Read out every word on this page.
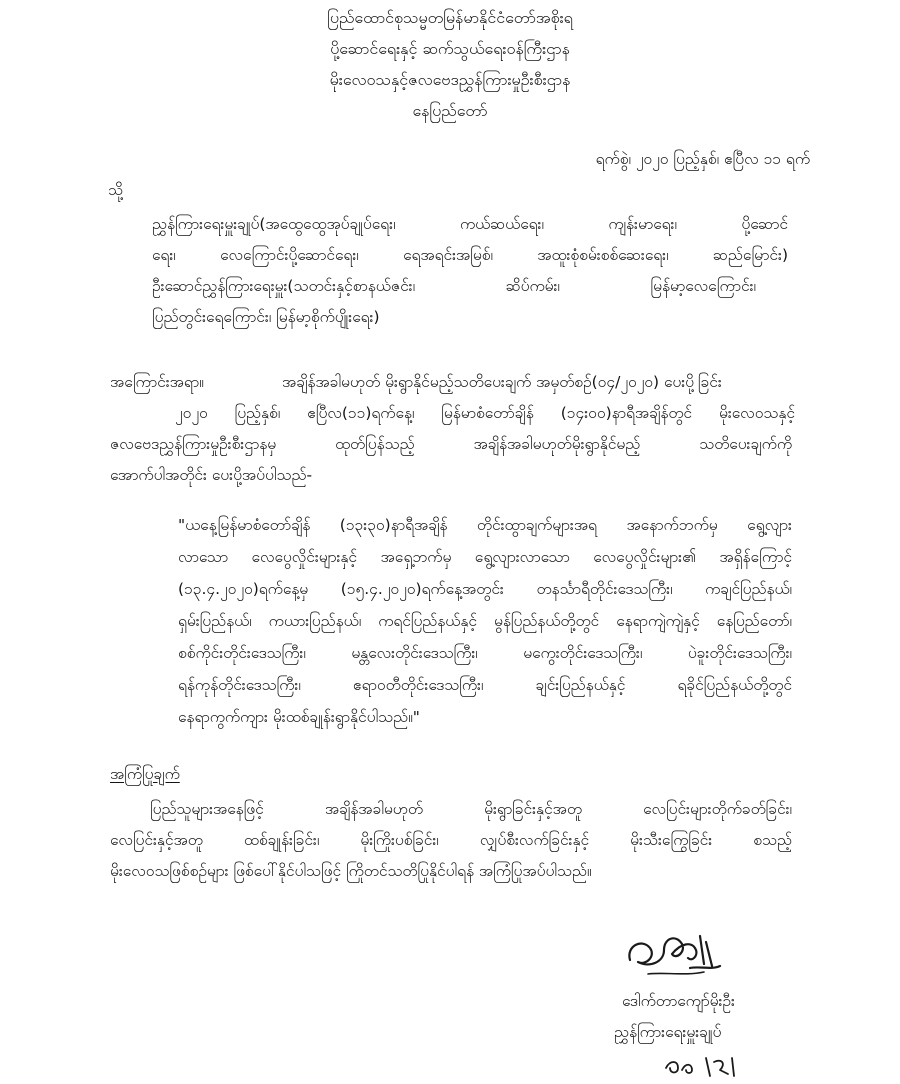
ပြည်ထောင်စုသမ္မတမြန်မာနိုင်ငံတော်အစိုးရ
ပို့ဆောင်ရေးနှင့် ဆက်သွယ်ရေးဝန်ကြီးဌာန
မိုးလေဝသနှင့်ဇလဗေဒညွှန်ကြားမှုဦးစီးဌာန
နေပြည်တော်
ရက်စွဲ၊ ၂၀၂၀ ပြည့်နှစ်၊ ဧပြီလ ၁၁ ရက်
သို့
ညွှန်ကြားရေးမှူးချုပ်(အထွေထွေအုပ်ချုပ်ရေး၊ ကယ်ဆယ်ရေး၊ ကျန်းမာရေး၊ ပို့ဆောင်
ရေး၊ လေကြောင်းပို့ဆောင်ရေး၊ ရေအရင်းအမြစ်၊ အထူးစုံစမ်းစစ်ဆေးရေး၊ ဆည်မြောင်း)
ဦးဆောင်ညွှန်ကြားရေးမှူး(သတင်းနှင့်စာနယ်ဇင်း၊ ဆိပ်ကမ်း၊ မြန်မာ့လေကြောင်း၊
ပြည်တွင်းရေကြောင်း၊ မြန်မာ့စိုက်ပျိုးရေး)
အကြောင်းအရာ။	အချိန်အခါမဟုတ် မိုးရွာနိုင်မည့်သတိပေးချက် အမှတ်စဉ်(၀၄/၂၀၂၀) ပေးပို့ခြင်း
၂၀၂၀ ပြည့်နှစ်၊ ဧပြီလ(၁၁)ရက်နေ့၊ မြန်မာစံတော်ချိန် (၁၄း၀၀)နာရီအချိန်တွင် မိုးလေဝသနှင့်
ဇလဗေဒညွှန်ကြားမှုဦးစီးဌာနမှ ထုတ်ပြန်သည့် အချိန်အခါမဟုတ်မိုးရွာနိုင်မည့် သတိပေးချက်ကို
အောက်ပါအတိုင်း ပေးပို့အပ်ပါသည်-
"ယနေ့မြန်မာစံတော်ချိန် (၁၃း၃၀)နာရီအချိန် တိုင်းထွာချက်များအရ အနောက်ဘက်မှ ရွေ့လျား
လာသော လေပွေလှိုင်းများနှင့် အရှေ့ဘက်မှ ရွေ့လျားလာသော လေပွေလှိုင်းများ၏ အရှိန်ကြောင့်
(၁၃.၄.၂၀၂၀)ရက်နေ့မှ (၁၅.၄.၂၀၂၀)ရက်နေ့အတွင်း တနင်္သာရီတိုင်းဒေသကြီး၊ ကချင်ပြည်နယ်၊
ရှမ်းပြည်နယ်၊ ကယားပြည်နယ်၊ ကရင်ပြည်နယ်နှင့် မွန်ပြည်နယ်တို့တွင် နေရာကျဲကျဲနှင့် နေပြည်တော်၊
စစ်ကိုင်းတိုင်းဒေသကြီး၊ မန္တလေးတိုင်းဒေသကြီး၊ မကွေးတိုင်းဒေသကြီး၊ ပဲခူးတိုင်းဒေသကြီး၊
ရန်ကုန်တိုင်းဒေသကြီး၊ ဧရာဝတီတိုင်းဒေသကြီး၊ ချင်းပြည်နယ်နှင့် ရခိုင်ပြည်နယ်တို့တွင်
နေရာကွက်ကျား မိုးထစ်ချုန်းရွာနိုင်ပါသည်။"
အကြံပြုချက်
ပြည်သူများအနေဖြင့် အချိန်အခါမဟုတ် မိုးရွာခြင်းနှင့်အတူ လေပြင်းများတိုက်ခတ်ခြင်း၊
လေပြင်းနှင့်အတူ ထစ်ချုန်းခြင်း၊ မိုးကြိုးပစ်ခြင်း၊ လျှပ်စီးလက်ခြင်းနှင့် မိုးသီးကြွေခြင်း စသည့်
မိုးလေဝသဖြစ်စဉ်များ ဖြစ်ပေါ်နိုင်ပါသဖြင့် ကြိုတင်သတိပြုနိုင်ပါရန် အကြံပြုအပ်ပါသည်။
ဒေါက်တာကျော်မိုးဦး
ညွှန်ကြားရေးမှူးချုပ်
